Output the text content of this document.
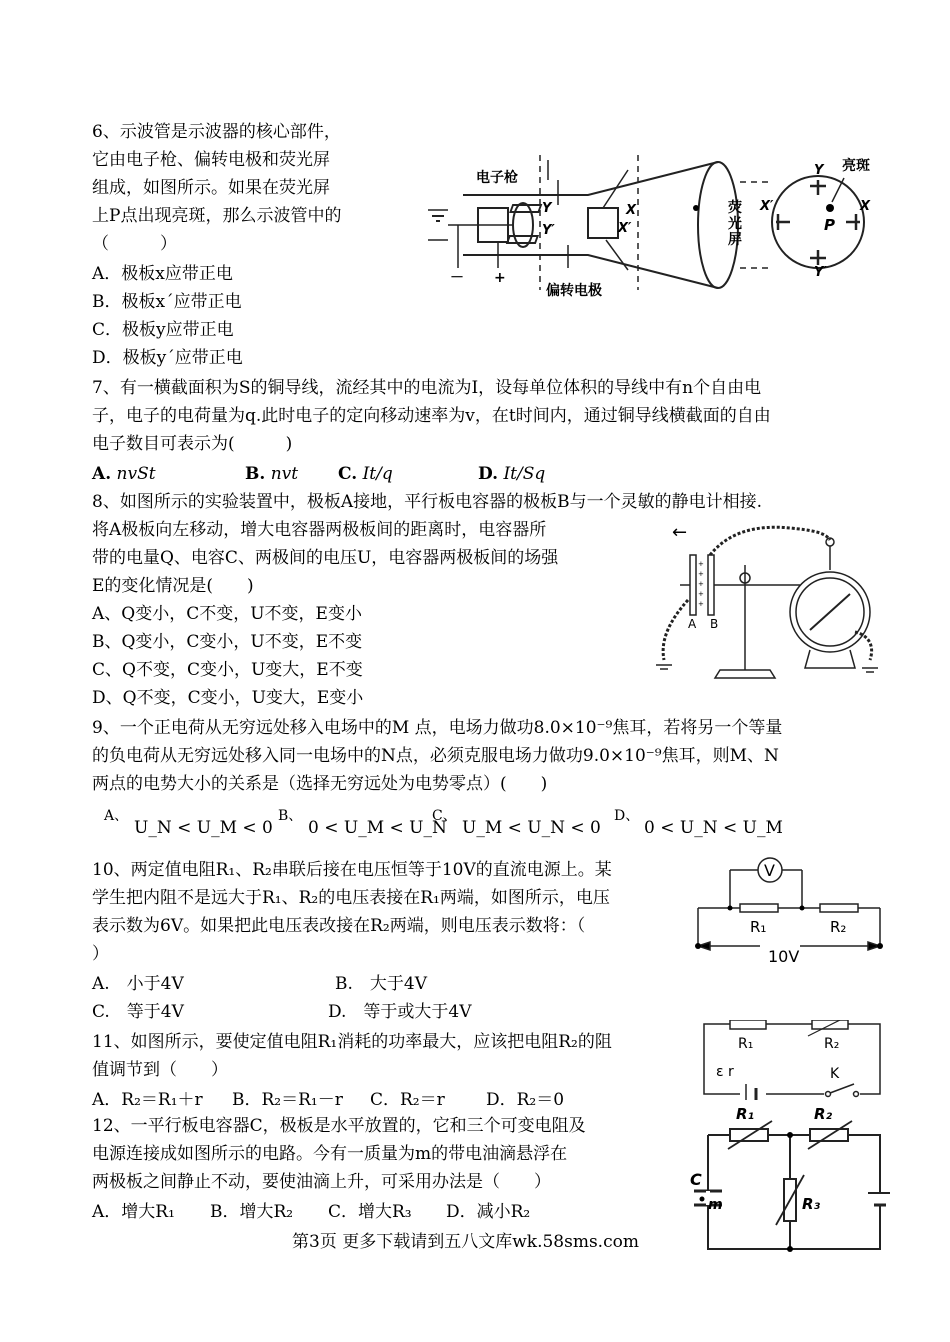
6、示波管是示波器的核心部件，
它由电子枪、偏转电极和荧光屏
组成，如图所示。如果在荧光屏
上P点出现亮斑，那么示波管中的
（　　　）
A．极板x应带正电
B．极板xˊ应带正电
C．极板y应带正电
D．极板yˊ应带正电
电子枪
偏转电极
荧
光
屏
亮斑
Y
Y′
X
X′
Y
Y′
X′	X
P
－ +
7、有一横截面积为S的铜导线，流经其中的电流为I，设每单位体积的导线中有n个自由电
子，电子的电荷量为q.此时电子的定向移动速率为v，在t时间内，通过铜导线横截面的自由
电子数目可表示为(　　　)
A. nvSt	B. nvt C. It/q	D. It/Sq
8、如图所示的实验装置中，极板A接地，平行板电容器的极板B与一个灵敏的静电计相接.
将A极板向左移动，增大电容器两极板间的距离时，电容器所
带的电量Q、电容C、两极间的电压U，电容器两极板间的场强
E的变化情况是(　　)
A、Q变小，C不变，U不变，E变小
B、Q变小，C变小，U不变，E不变
C、Q不变，C变小，U变大，E不变
D、Q不变，C变小，U变大，E变小
←
+
+
+
+
+
A B
9、一个正电荷从无穷远处移入电场中的M 点，电场力做功8.0×10⁻⁹焦耳，若将另一个等量
的负电荷从无穷远处移入同一电场中的N点，必须克服电场力做功9.0×10⁻⁹焦耳，则M、N
两点的电势大小的关系是（选择无穷远处为电势零点）(　　)
A、
U_N < U_M < 0
B、
0 < U_M < U_N
C、
U_M < U_N < 0
D、
0 < U_N < U_M
10、两定值电阻R₁、R₂串联后接在电压恒等于10V的直流电源上。某
学生把内阻不是远大于R₁、R₂的电压表接在R₁两端，如图所示，电压
表示数为6V。如果把此电压表改接在R₂两端，则电压表示数将：（
）
A.　小于4V	B.　大于4V
C.　等于4V	D.　等于或大于4V
V
R₁	R₂
10V
11、如图所示，要使定值电阻R₁消耗的功率最大，应该把电阻R₂的阻
值调节到（　　）
A．R₂＝R₁＋r B．R₂＝R₁－r C．R₂＝r D．R₂＝0
R₁	R₂
ε r	K
12、一平行板电容器C，极板是水平放置的，它和三个可变电阻及
电源连接成如图所示的电路。今有一质量为m的带电油滴悬浮在
两极板之间静止不动，要使油滴上升，可采用办法是（　　）
A．增大R₁ B．增大R₂ C．增大R₃ D．减小R₂
R₁	R₂
R₃
C
m
第3页 更多下载请到五八文库wk.58sms.com
